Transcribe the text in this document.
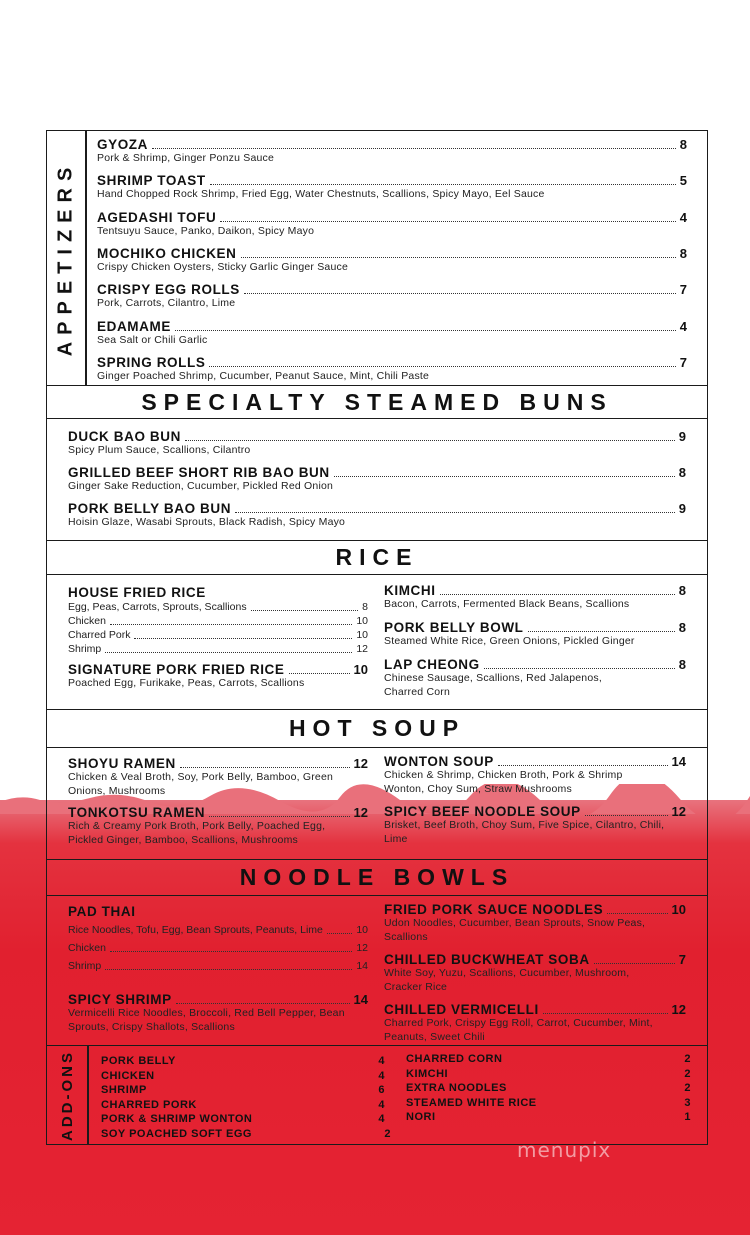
APPETIZERS
GYOZA	8
Pork & Shrimp, Ginger Ponzu Sauce
SHRIMP TOAST	5
Hand Chopped Rock Shrimp, Fried Egg, Water Chestnuts, Scallions, Spicy Mayo, Eel Sauce
AGEDASHI TOFU	4
Tentsuyu Sauce, Panko, Daikon, Spicy Mayo
MOCHIKO CHICKEN	8
Crispy Chicken Oysters, Sticky Garlic Ginger Sauce
CRISPY EGG ROLLS	7
Pork, Carrots, Cilantro, Lime
EDAMAME	4
Sea Salt or Chili Garlic
SPRING ROLLS	7
Ginger Poached Shrimp, Cucumber, Peanut Sauce, Mint, Chili Paste
SPECIALTY STEAMED BUNS
DUCK BAO BUN	9
Spicy Plum Sauce, Scallions, Cilantro
GRILLED BEEF SHORT RIB BAO BUN	8
Ginger Sake Reduction, Cucumber, Pickled Red Onion
PORK BELLY BAO BUN	9
Hoisin Glaze, Wasabi Sprouts, Black Radish, Spicy Mayo
RICE
HOUSE FRIED RICE
Egg, Peas, Carrots, Sprouts, Scallions	8
Chicken	10
Charred Pork	10
Shrimp	12
SIGNATURE PORK FRIED RICE	10
Poached Egg, Furikake, Peas, Carrots, Scallions
KIMCHI	8
Bacon, Carrots, Fermented Black Beans, Scallions
PORK BELLY BOWL	8
Steamed White Rice, Green Onions, Pickled Ginger
LAP CHEONG	8
Chinese Sausage, Scallions, Red Jalapenos, Charred Corn
HOT SOUP
SHOYU RAMEN	12
Chicken & Veal Broth, Soy, Pork Belly, Bamboo, Green Onions, Mushrooms
TONKOTSU RAMEN	12
Rich & Creamy Pork Broth, Pork Belly, Poached Egg, Pickled Ginger, Bamboo, Scallions, Mushrooms
WONTON SOUP	14
Chicken & Shrimp, Chicken Broth, Pork & Shrimp Wonton, Choy Sum, Straw Mushrooms
SPICY BEEF NOODLE SOUP	12
Brisket, Beef Broth, Choy Sum, Five Spice, Cilantro, Chili, Lime
NOODLE BOWLS
PAD THAI
Rice Noodles, Tofu, Egg, Bean Sprouts, Peanuts, Lime	10
Chicken	12
Shrimp	14
SPICY SHRIMP	14
Vermicelli Rice Noodles, Broccoli, Red Bell Pepper, Bean Sprouts, Crispy Shallots, Scallions
FRIED PORK SAUCE NOODLES	10
Udon Noodles, Cucumber, Bean Sprouts, Snow Peas, Scallions
CHILLED BUCKWHEAT SOBA	7
White Soy, Yuzu, Scallions, Cucumber, Mushroom, Cracker Rice
CHILLED VERMICELLI	12
Charred Pork, Crispy Egg Roll, Carrot, Cucumber, Mint, Peanuts, Sweet Chili
ADD-ONS PORK BELLY	4
CHICKEN	4
SHRIMP	6
CHARRED PORK	4
PORK & SHRIMP WONTON	4
SOY POACHED SOFT EGG	2
CHARRED CORN	2
KIMCHI	2
EXTRA NOODLES	2
STEAMED WHITE RICE	3
NORI	1
menupix
